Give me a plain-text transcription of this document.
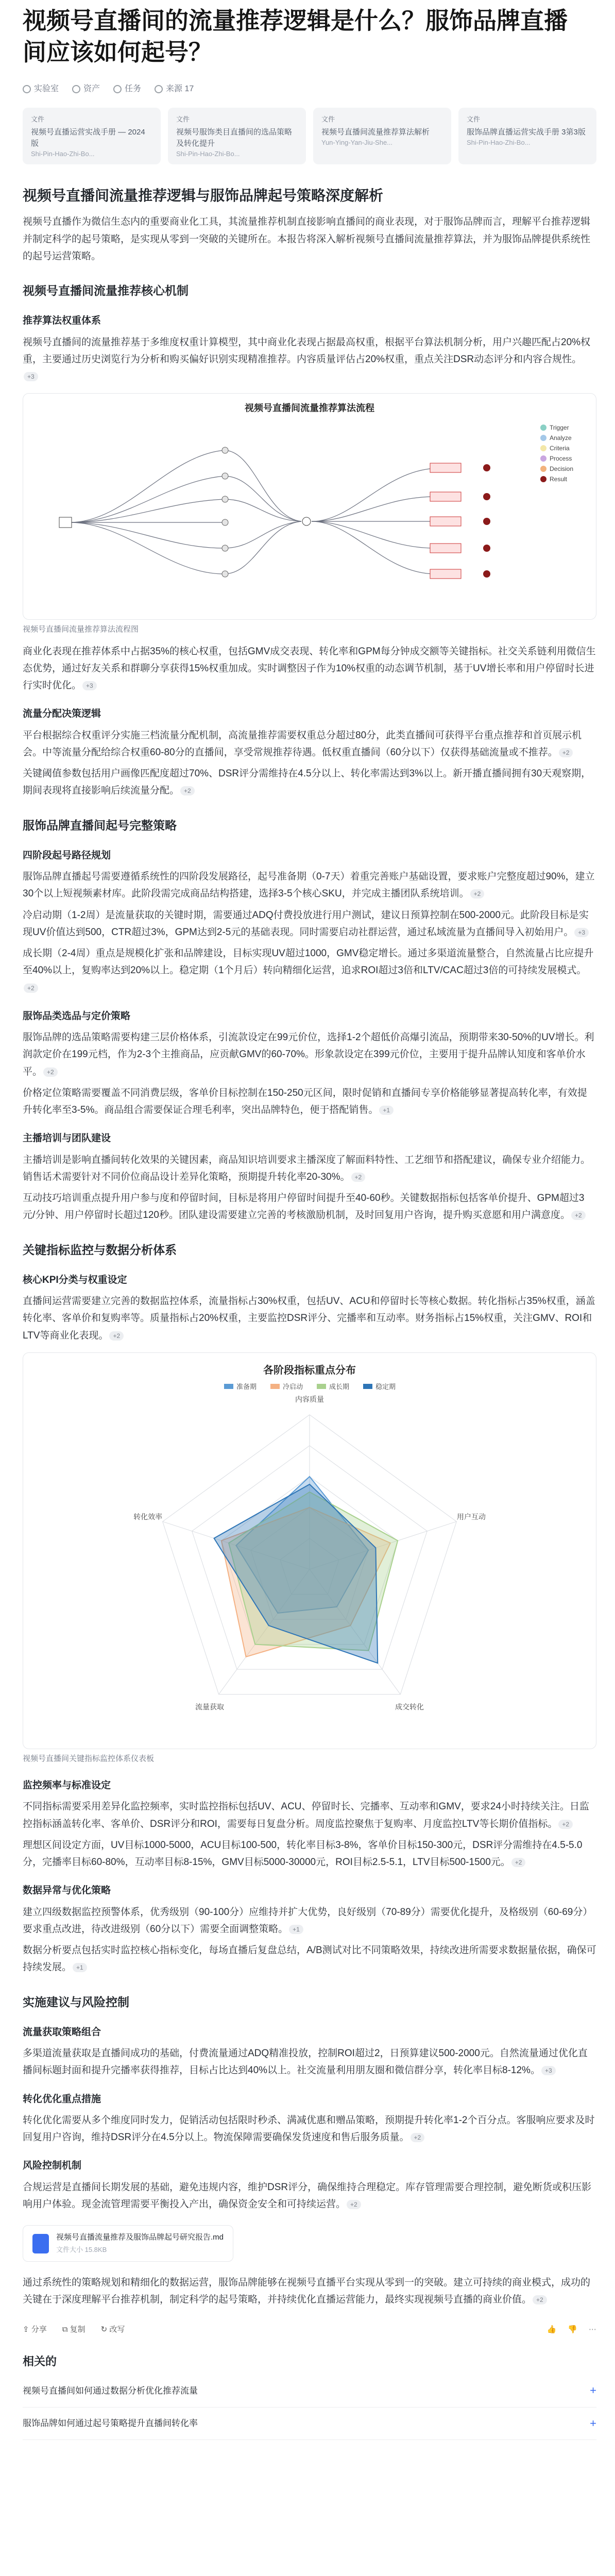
视频号直播间的流量推荐逻辑是什么？服饰品牌直播间应该如何起号？
实验室	资产	任务	来源 17
文件
视频号直播运营实战手册 — 2024版
Shi-Pin-Hao-Zhi-Bo...
文件
视频号服饰类目直播间的选品策略及转化提升
Shi-Pin-Hao-Zhi-Bo...
文件
视频号直播间流量推荐算法解析
Yun-Ying-Yan-Jiu-She...
文件
服饰品牌直播运营实战手册 3第3版
Shi-Pin-Hao-Zhi-Bo...
视频号直播间流量推荐逻辑与服饰品牌起号策略深度解析

视频号直播作为微信生态内的重要商业化工具，其流量推荐机制直接影响直播间的商业表现，对于服饰品牌而言，理解平台推荐逻辑并制定科学的起号策略，是实现从零到一突破的关键所在。本报告将深入解析视频号直播间流量推荐算法，并为服饰品牌提供系统性的起号运营策略。

视频号直播间流量推荐核心机制
推荐算法权重体系

视频号直播间的流量推荐基于多维度权重计算模型，其中商业化表现占据最高权重，根据平台算法机制分析，用户兴趣匹配占20%权重，主要通过历史浏览行为分析和购买偏好识别实现精准推荐。内容质量评估占20%权重，重点关注DSR动态评分和内容合规性。+3

视频号直播间流量推荐算法流程
Trigger
Analyze
Criteria
Process
Decision
Result
视频号直播间流量推荐算法流程图

商业化表现在推荐体系中占据35%的核心权重，包括GMV成交表现、转化率和GPM每分钟成交额等关键指标。社交关系链利用微信生态优势，通过好友关系和群聊分享获得15%权重加成。实时调整因子作为10%权重的动态调节机制，基于UV增长率和用户停留时长进行实时优化。 +3

流量分配决策逻辑

平台根据综合权重评分实施三档流量分配机制，高流量推荐需要权重总分超过80分，此类直播间可获得平台重点推荐和首页展示机会。中等流量分配给综合权重60-80分的直播间，享受常规推荐待遇。低权重直播间（60分以下）仅获得基础流量或不推荐。 +2

关键阈值参数包括用户画像匹配度超过70%、DSR评分需维持在4.5分以上、转化率需达到3%以上。新开播直播间拥有30天观察期，期间表现将直接影响后续流量分配。 +2

服饰品牌直播间起号完整策略
四阶段起号路径规划

服饰品牌直播起号需要遵循系统性的四阶段发展路径，起号准备期（0-7天）着重完善账户基础设置，要求账户完整度超过90%，建立30个以上短视频素材库。此阶段需完成商品结构搭建，选择3-5个核心SKU，并完成主播团队系统培训。 +2

冷启动期（1-2周）是流量获取的关键时期，需要通过ADQ付费投放进行用户测试，建议日预算控制在500-2000元。此阶段目标是实现UV价值达到500，CTR超过3%，GPM达到2-5元的基础表现。同时需要启动社群运营，通过私域流量为直播间导入初始用户。 +3

成长期（2-4周）重点是规模化扩张和品牌建设，目标实现UV超过1000，GMV稳定增长。通过多渠道流量整合，自然流量占比应提升至40%以上，复购率达到20%以上。稳定期（1个月后）转向精细化运营，追求ROI超过3倍和LTV/CAC超过3倍的可持续发展模式。+2

服饰品类选品与定价策略

服饰品牌的选品策略需要构建三层价格体系，引流款设定在99元价位，选择1-2个超低价高爆引流品，预期带来30-50%的UV增长。利润款定价在199元档，作为2-3个主推商品，应贡献GMV的60-70%。形象款设定在399元价位，主要用于提升品牌认知度和客单价水平。 +2

价格定位策略需要覆盖不同消费层级，客单价目标控制在150-250元区间，限时促销和直播间专享价格能够显著提高转化率，有效提升转化率至3-5%。商品组合需要保证合理毛利率，突出品牌特色，便于搭配销售。 +1

主播培训与团队建设

主播培训是影响直播间转化效果的关键因素，商品知识培训要求主播深度了解面料特性、工艺细节和搭配建议，确保专业介绍能力。销售话术需要针对不同价位商品设计差异化策略，预期提升转化率20-30%。 +2

互动技巧培训重点提升用户参与度和停留时间，目标是将用户停留时间提升至40-60秒。关键数据指标包括客单价提升、GPM超过3元/分钟、用户停留时长超过120秒。团队建设需要建立完善的考核激励机制，及时回复用户咨询，提升购买意愿和用户满意度。 +2

关键指标监控与数据分析体系
核心KPI分类与权重设定

直播间运营需要建立完善的数据监控体系，流量指标占30%权重，包括UV、ACU和停留时长等核心数据。转化指标占35%权重，涵盖转化率、客单价和复购率等。质量指标占20%权重，主要监控DSR评分、完播率和互动率。财务指标占15%权重，关注GMV、ROI和LTV等商业化表现。 +2

各阶段指标重点分布
准备期	冷启动	成长期	稳定期
内容质量
用户互动
成交转化
流量获取
转化效率
视频号直播间关键指标监控体系仪表板
监控频率与标准设定

不同指标需要采用差异化监控频率，实时监控指标包括UV、ACU、停留时长、完播率、互动率和GMV，要求24小时持续关注。日监控指标涵盖转化率、客单价、DSR评分和ROI，需要每日复盘分析。周度监控聚焦于复购率、月度监控LTV等长期价值指标。 +2

理想区间设定方面，UV目标1000-5000，ACU目标100-500，转化率目标3-8%，客单价目标150-300元，DSR评分需维持在4.5-5.0分，完播率目标60-80%，互动率目标8-15%，GMV目标5000-30000元，ROI目标2.5-5.1，LTV目标500-1500元。 +2

数据异常与优化策略

建立四级数据监控预警体系，优秀级别（90-100分）应维持并扩大优势，良好级别（70-89分）需要优化提升，及格级别（60-69分）要求重点改进，待改进级别（60分以下）需要全面调整策略。 +1

数据分析要点包括实时监控核心指标变化，每场直播后复盘总结，A/B测试对比不同策略效果，持续改进所需要求数据量依据，确保可持续发展。 +1

实施建议与风险控制
流量获取策略组合

多渠道流量获取是直播间成功的基础，付费流量通过ADQ精准投放，控制ROI超过2，日预算建议500-2000元。自然流量通过优化直播间标题封面和提升完播率获得推荐，目标占比达到40%以上。社交流量利用朋友圈和微信群分享，转化率目标8-12%。 +3

转化优化重点措施

转化优化需要从多个维度同时发力，促销活动包括限时秒杀、满减优惠和赠品策略，预期提升转化率1-2个百分点。客服响应要求及时回复用户咨询，维持DSR评分在4.5分以上。物流保障需要确保发货速度和售后服务质量。 +2

风险控制机制

合规运营是直播间长期发展的基础，避免违规内容，维护DSR评分，确保维持合理稳定。库存管理需要合理控制，避免断货或积压影响用户体验。现金流管理需要平衡投入产出，确保资金安全和可持续运营。 +2

视频号直播流量推荐及服饰品牌起号研究报告.md
文件大小 15.8KB

通过系统性的策略规划和精细化的数据运营，服饰品牌能够在视频号直播平台实现从零到一的突破。建立可持续的商业模式，成功的关键在于深度理解平台推荐机制，制定科学的起号策略，并持续优化直播运营能力，最终实现视频号直播的商业价值。 +2

⇪ 分享 ⧉ 复制 ↻ 改写	👍 👎 ⋯
相关的
视频号直播间如何通过数据分析优化推荐流量	+
服饰品牌如何通过起号策略提升直播间转化率	+
